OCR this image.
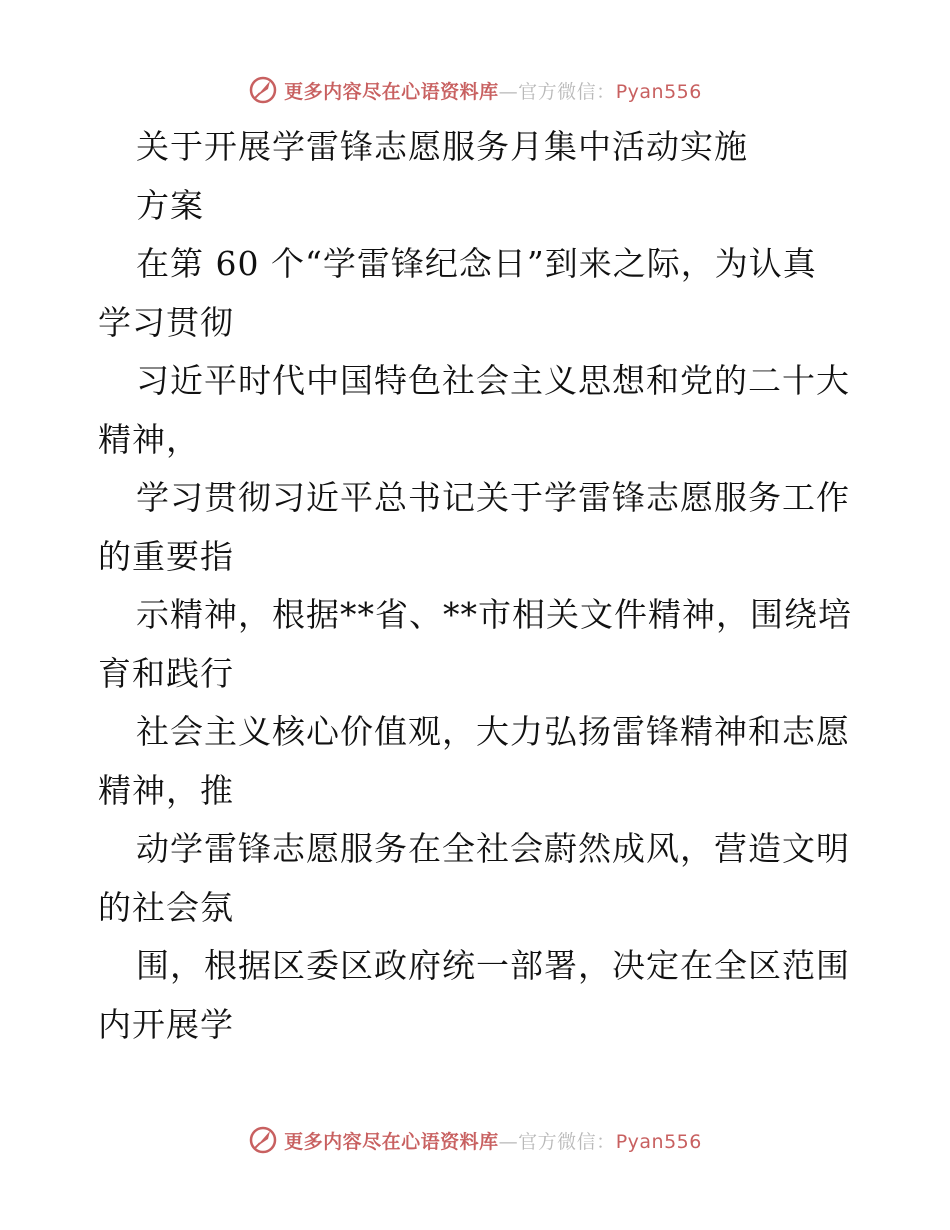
更多内容尽在心语资料库—官方微信：Pyan556
关于开展学雷锋志愿服务月集中活动实施
方案
在第 60 个“学雷锋纪念日”到来之际，为认真
学习贯彻
习近平时代中国特色社会主义思想和党的二十大
精神，
学习贯彻习近平总书记关于学雷锋志愿服务工作
的重要指
示精神，根据**省、**市相关文件精神，围绕培
育和践行
社会主义核心价值观，大力弘扬雷锋精神和志愿
精神，推
动学雷锋志愿服务在全社会蔚然成风，营造文明
的社会氛
围，根据区委区政府统一部署，决定在全区范围
内开展学
更多内容尽在心语资料库—官方微信：Pyan556
